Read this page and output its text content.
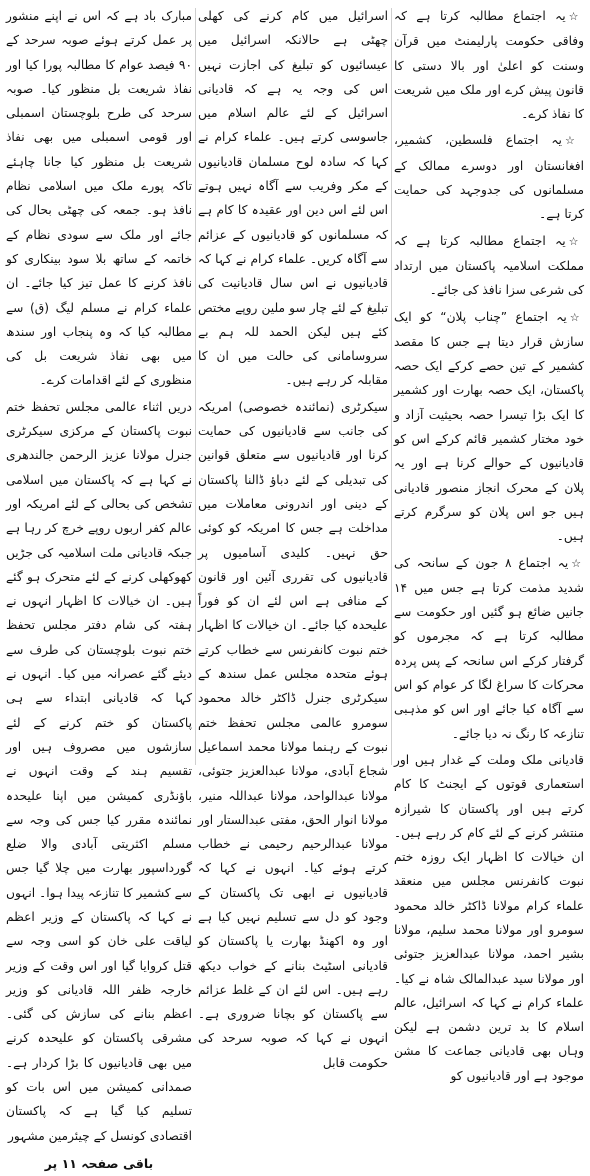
☆ یہ اجتماع مطالبہ کرتا ہے کہ وفاقی حکومت پارلیمنٹ میں قرآن وسنت کو اعلیٰ اور بالا دستی کا قانون پیش کرے اور ملک میں شریعت کا نفاذ کرے۔

☆ یہ اجتماع فلسطین، کشمیر، افغانستان اور دوسرے ممالک کے مسلمانوں کی جدوجہد کی حمایت کرتا ہے۔

☆ یہ اجتماع مطالبہ کرتا ہے کہ مملکت اسلامیہ پاکستان میں ارتداد کی شرعی سزا نافذ کی جائے۔

☆ یہ اجتماع ”چناب پلان“ کو ایک سازش قرار دیتا ہے جس کا مقصد کشمیر کے تین حصے کرکے ایک حصہ پاکستان، ایک حصہ بھارت اور کشمیر کا ایک بڑا تیسرا حصہ بحیثیت آزاد و خود مختار کشمیر قائم کرکے اس کو قادیانیوں کے حوالے کرنا ہے اور یہ پلان کے محرک انجاز منصور قادیانی ہیں جو اس پلان کو سرگرم کرتے ہیں۔

☆ یہ اجتماع ۸ جون کے سانحہ کی شدید مذمت کرتا ہے جس میں ۱۴ جانیں ضائع ہو گئیں اور حکومت سے مطالبہ کرتا ہے کہ مجرموں کو گرفتار کرکے اس سانحہ کے پس پردہ محرکات کا سراغ لگا کر عوام کو اس سے آگاہ کیا جائے اور اس کو مذہبی تنازعہ کا رنگ نہ دیا جائے۔

قادیانی ملک وملت کے غدار ہیں اور استعماری قوتوں کے ایجنٹ کا کام کرتے ہیں اور پاکستان کا شیرازہ منتشر کرنے کے لئے کام کر رہے ہیں۔ ان خیالات کا اظہار ایک روزہ ختم نبوت کانفرنس مجلس میں منعقد علماء کرام مولانا ڈاکٹر خالد محمود سومرو اور مولانا محمد سلیم، مولانا بشیر احمد، مولانا عبدالعزیز جتوئی اور مولانا سید عبدالمالک شاہ نے کیا۔ علماء کرام نے کہا کہ اسرائیل، عالم اسلام کا بد ترین دشمن ہے لیکن وہاں بھی قادیانی جماعت کا مشن موجود ہے اور قادیانیوں کو

اسرائیل میں کام کرنے کی کھلی چھٹی ہے حالانکہ اسرائیل میں عیسائیوں کو تبلیغ کی اجازت نہیں اس کی وجہ یہ ہے کہ قادیانی اسرائیل کے لئے عالم اسلام میں جاسوسی کرتے ہیں۔ علماء کرام نے کہا کہ سادہ لوح مسلمان قادیانیوں کے مکر وفریب سے آگاہ نہیں ہوتے اس لئے اس دین اور عقیدہ کا کام ہے کہ مسلمانوں کو قادیانیوں کے عزائم سے آگاہ کریں۔ علماء کرام نے کہا کہ قادیانیوں نے اس سال قادیانیت کی تبلیغ کے لئے چار سو ملین روپے مختص کئے ہیں لیکن الحمد للہ ہم بے سروسامانی کی حالت میں ان کا مقابلہ کر رہے ہیں۔

سیکرٹری (نمائندہ خصوصی) امریکہ کی جانب سے قادیانیوں کی حمایت کرنا اور قادیانیوں سے متعلق قوانین کی تبدیلی کے لئے دباؤ ڈالنا پاکستان کے دینی اور اندرونی معاملات میں مداخلت ہے جس کا امریکہ کو کوئی حق نہیں۔ کلیدی آسامیوں پر قادیانیوں کی تقرری آئین اور قانون کے منافی ہے اس لئے ان کو فوراً علیحدہ کیا جائے۔ ان خیالات کا اظہار ختم نبوت کانفرنس سے خطاب کرتے ہوئے متحدہ مجلس عمل سندھ کے سیکرٹری جنرل ڈاکٹر خالد محمود سومرو عالمی مجلس تحفظ ختم نبوت کے رہنما مولانا محمد اسماعیل شجاع آبادی، مولانا عبدالعزیز جتوئی، مولانا عبدالواحد، مولانا عبداللہ منیر، مولانا انوار الحق، مفتی عبدالستار اور مولانا عبدالرحیم رحیمی نے خطاب کرتے ہوئے کیا۔ انہوں نے کہا کہ قادیانیوں نے ابھی تک پاکستان کے وجود کو دل سے تسلیم نہیں کیا ہے اور وہ اکھنڈ بھارت یا پاکستان کو قادیانی اسٹیٹ بنانے کے خواب دیکھ رہے ہیں۔ اس لئے ان کے غلط عزائم سے پاکستان کو بچانا ضروری ہے۔ انہوں نے کہا کہ صوبہ سرحد کی حکومت قابل

مبارک باد ہے کہ اس نے اپنے منشور پر عمل کرتے ہوئے صوبہ سرحد کے ۹۰ فیصد عوام کا مطالبہ پورا کیا اور نفاذ شریعت بل منظور کیا۔ صوبہ سرحد کی طرح بلوچستان اسمبلی اور قومی اسمبلی میں بھی نفاذ شریعت بل منظور کیا جانا چاہئے تاکہ پورے ملک میں اسلامی نظام نافذ ہو۔ جمعہ کی چھٹی بحال کی جائے اور ملک سے سودی نظام کے خاتمہ کے ساتھ بلا سود بینکاری کو نافذ کرنے کا عمل تیز کیا جائے۔ ان علماء کرام نے مسلم لیگ (ق) سے مطالبہ کیا کہ وہ پنجاب اور سندھ میں بھی نفاذ شریعت بل کی منظوری کے لئے اقدامات کرے۔

دریں اثناء عالمی مجلس تحفظ ختم نبوت پاکستان کے مرکزی سیکرٹری جنرل مولانا عزیز الرحمن جالندھری نے کہا ہے کہ پاکستان میں اسلامی تشخص کی بحالی کے لئے امریکہ اور عالم کفر اربوں روپے خرچ کر رہا ہے جبکہ قادیانی ملت اسلامیہ کی جڑیں کھوکھلی کرنے کے لئے متحرک ہو گئے ہیں۔ ان خیالات کا اظہار انہوں نے ہفتہ کی شام دفتر مجلس تحفظ ختم نبوت بلوچستان کی طرف سے دیئے گئے عصرانہ میں کیا۔ انہوں نے کہا کہ قادیانی ابتداء سے ہی پاکستان کو ختم کرنے کے لئے سازشوں میں مصروف ہیں اور تقسیم ہند کے وقت انہوں نے باؤنڈری کمیشن میں اپنا علیحدہ نمائندہ مقرر کیا جس کی وجہ سے مسلم اکثریتی آبادی والا ضلع گورداسپور بھارت میں چلا گیا جس سے کشمیر کا تنازعہ پیدا ہوا۔ انہوں نے کہا کہ پاکستان کے وزیر اعظم لیاقت علی خان کو اسی وجہ سے قتل کروایا گیا اور اس وقت کے وزیر خارجہ ظفر اللہ قادیانی کو وزیر اعظم بنانے کی سازش کی گئی۔ مشرقی پاکستان کو علیحدہ کرنے میں بھی قادیانیوں کا بڑا کردار ہے۔ صمدانی کمیشن میں اس بات کو تسلیم کیا گیا ہے کہ پاکستان اقتصادی کونسل کے چیئرمین مشہور

باقی صفحہ ۱۱ پر
